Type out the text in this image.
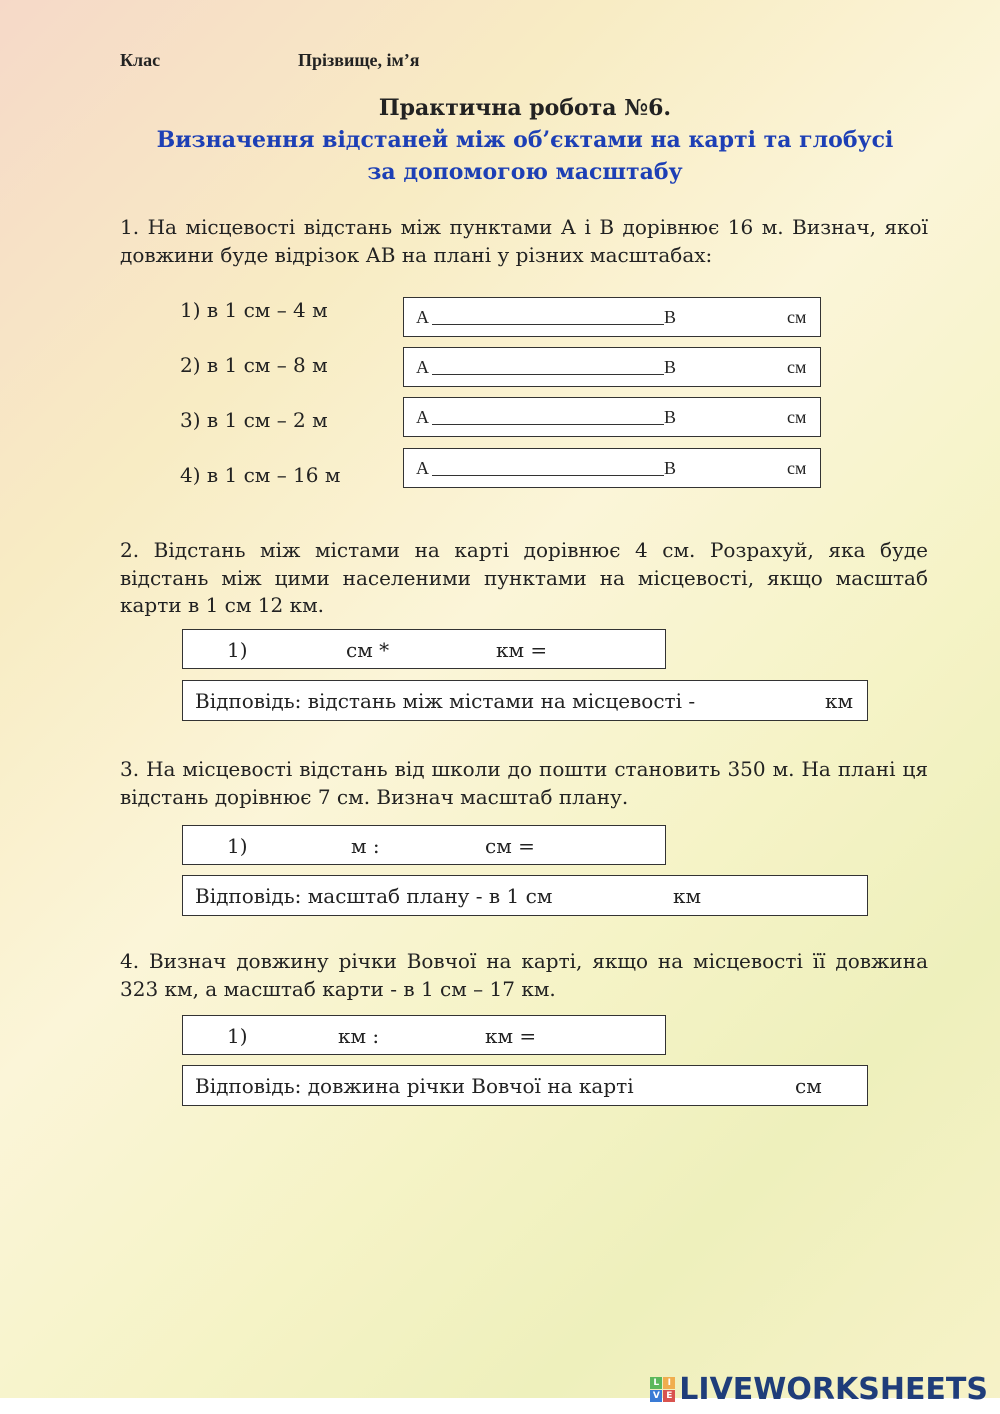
Клас	Прізвище, ім’я
Практична робота №6.
Визначення відстаней між об’єктами на карті та глобусі
за допомогою масштабу
1. На місцевості відстань між пунктами А і В дорівнює 16 м. Визнач, якої довжини буде відрізок АВ на плані у різних масштабах:
1) в 1 см – 4 м	А	В	см
2) в 1 см – 8 м	А	В	см
3) в 1 см – 2 м	А	В	см
4) в 1 см – 16 м	А	В	см
2. Відстань між містами на карті дорівнює 4 см. Розрахуй, яка буде відстань між цими населеними пунктами на місцевості, якщо масштаб карти в 1 см 12 км.
1)	см *	км =
Відповідь: відстань між містами на місцевості -	км
3. На місцевості відстань від школи до пошти становить 350 м. На плані ця відстань дорівнює 7 см. Визнач масштаб плану.
1)	м :	см =
Відповідь: масштаб плану - в 1 см	км
4. Визнач довжину річки Вовчої на карті, якщо на місцевості її довжина 323 км, а масштаб карти - в 1 см – 17 км.
1)	км :	км =
Відповідь: довжина річки Вовчої на карті	см
L I
V E LIVEWORKSHEETS
